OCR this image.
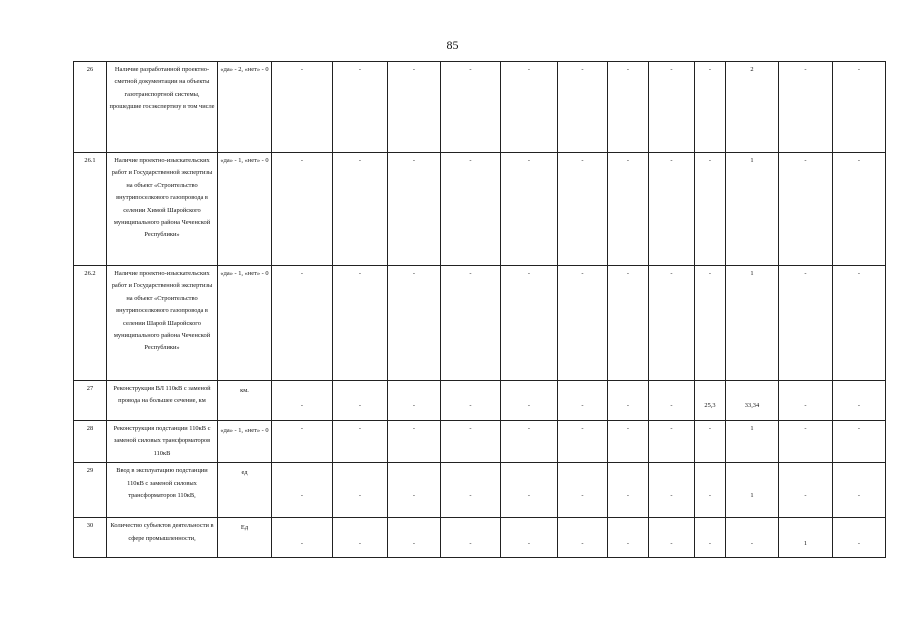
85
26	Наличие разработанной проектно-сметной документации на объекты газотранспортной системы, прошедшие госэкспертизу в том числе	«да» - 2, «нет» - 0	-	-	-	-	-	-	-	-	-	2	-	-	
26.1	Наличие проектно-изыскательских работ и Государственной экспертизы на объект «Строительство внутрипоселкового газопровода в селении Химой Шаройского муниципального района Чеченской Республики»	«да» - 1, «нет» - 0	-	-	-	-	-	-	-	-	-	1	-	-	
26.2	Наличие проектно-изыскательских работ и Государственной экспертизы на объект «Строительство внутрипоселкового газопровода в селении Шарой Шаройского муниципального района Чеченской Республики»	«да» - 1, «нет» - 0	-	-	-	-	-	-	-	-	-	1	-	-	
27	Реконструкция ВЛ 110кВ с заменой провода на большее сечение, км	км.	-	-	-	-	-	-	-	-	25,3	33,34	-	-	
28	Реконструкция подстанции 110кВ с заменой силовых трансформаторов 110кВ	«да» - 1, «нет» - 0	-	-	-	-	-	-	-	-	-	1	-	-	
29	Ввод в эксплуатацию подстанции 110кВ с заменой силовых трансформаторов 110кВ,	ед	-	-	-	-	-	-	-	-	-	1	-	-	
30	Количество субъектов деятельности в сфере промышленности,	Ед	-	-	-	-	-	-	-	-	-	-	1	-	
